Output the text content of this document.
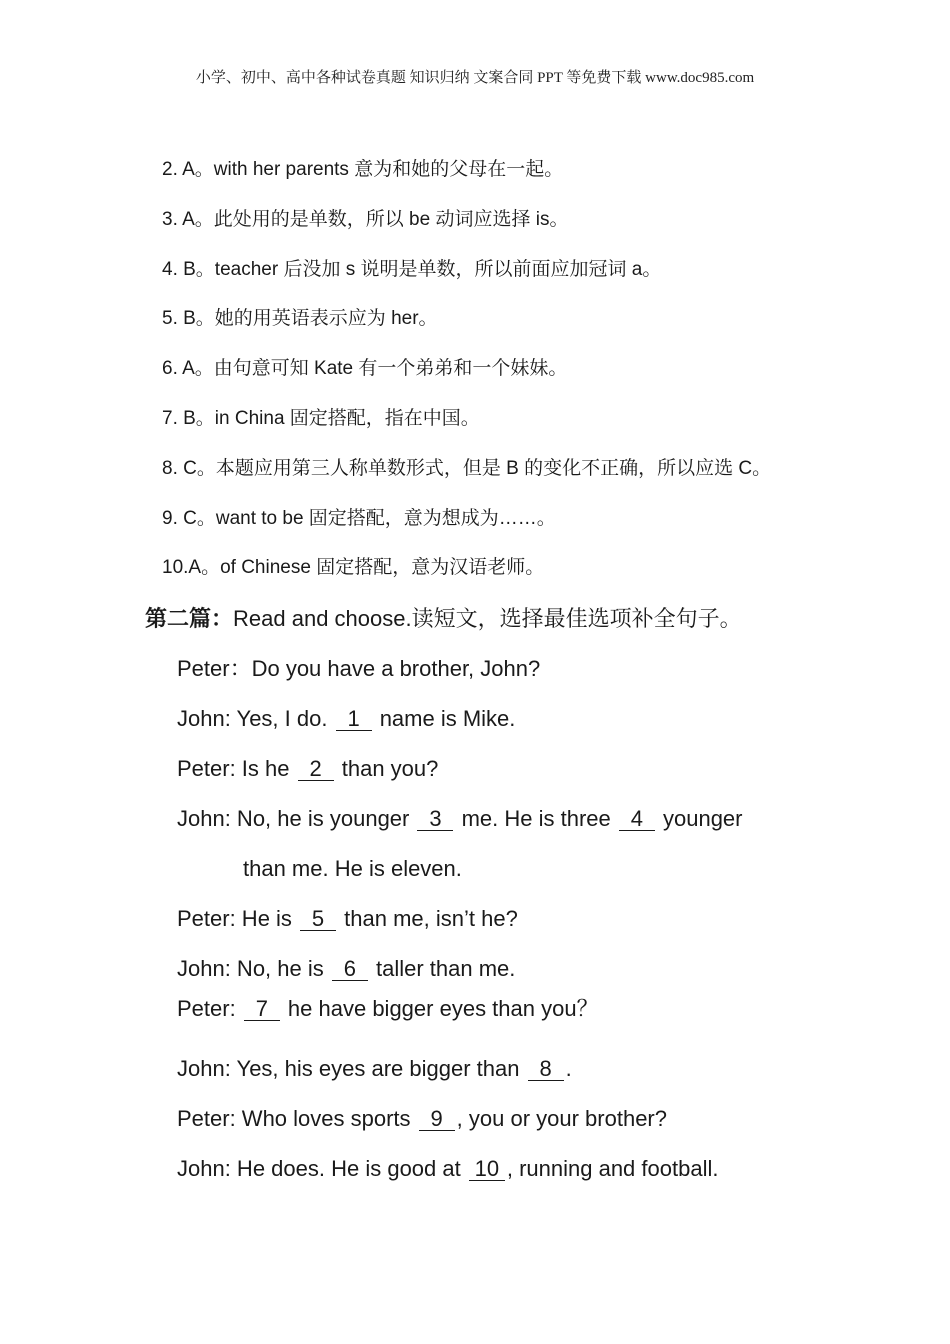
小学、初中、高中各种试卷真题 知识归纳 文案合同 PPT 等免费下载 www.doc985.com
2. A。with her parents 意为和她的父母在一起。
3. A。此处用的是单数，所以 be 动词应选择 is。
4. B。teacher 后没加 s 说明是单数，所以前面应加冠词 a。
5. B。她的用英语表示应为 her。
6. A。由句意可知 Kate 有一个弟弟和一个妹妹。
7. B。in China 固定搭配，指在中国。
8. C。本题应用第三人称单数形式，但是 B 的变化不正确，所以应选 C。
9. C。want to be 固定搭配，意为想成为……。
10.A。of Chinese 固定搭配，意为汉语老师。
第二篇：Read and choose.读短文，选择最佳选项补全句子。
Peter：Do you have a brother, John?
John: Yes, I do. 1 name is Mike.
Peter: Is he 2 than you?
John: No, he is younger 3 me. He is three 4 younger
than me. He is eleven.
Peter: He is 5 than me, isn’t he?
John: No, he is 6 taller than me.
Peter: 7 he have bigger eyes than you？
John: Yes, his eyes are bigger than 8 .
Peter: Who loves sports 9 , you or your brother?
John: He does. He is good at 10 , running and football.
